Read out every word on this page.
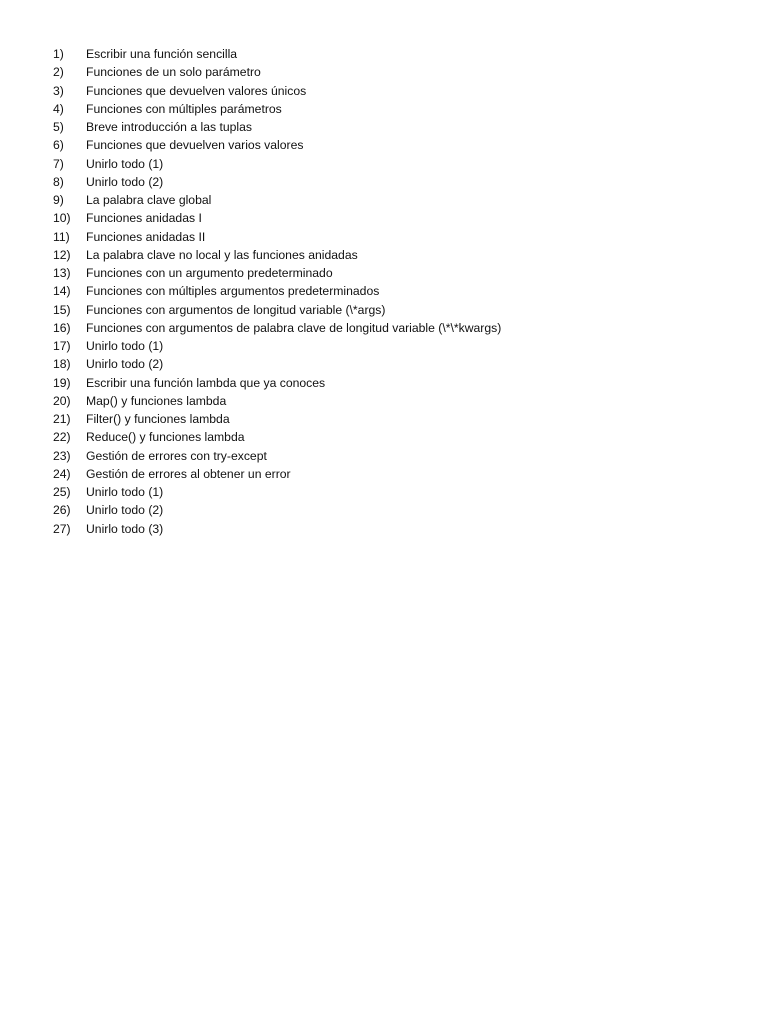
1)	Escribir una función sencilla
2)	Funciones de un solo parámetro
3)	Funciones que devuelven valores únicos
4)	Funciones con múltiples parámetros
5)	Breve introducción a las tuplas
6)	Funciones que devuelven varios valores
7)	Unirlo todo (1)
8)	Unirlo todo (2)
9)	La palabra clave global
10)	Funciones anidadas I
11)	Funciones anidadas II
12)	La palabra clave no local y las funciones anidadas
13)	Funciones con un argumento predeterminado
14)	Funciones con múltiples argumentos predeterminados
15)	Funciones con argumentos de longitud variable (\*args)
16)	Funciones con argumentos de palabra clave de longitud variable (\*\*kwargs)
17)	Unirlo todo (1)
18)	Unirlo todo (2)
19)	Escribir una función lambda que ya conoces
20)	Map() y funciones lambda
21)	Filter() y funciones lambda
22)	Reduce() y funciones lambda
23)	Gestión de errores con try-except
24)	Gestión de errores al obtener un error
25)	Unirlo todo (1)
26)	Unirlo todo (2)
27)	Unirlo todo (3)
